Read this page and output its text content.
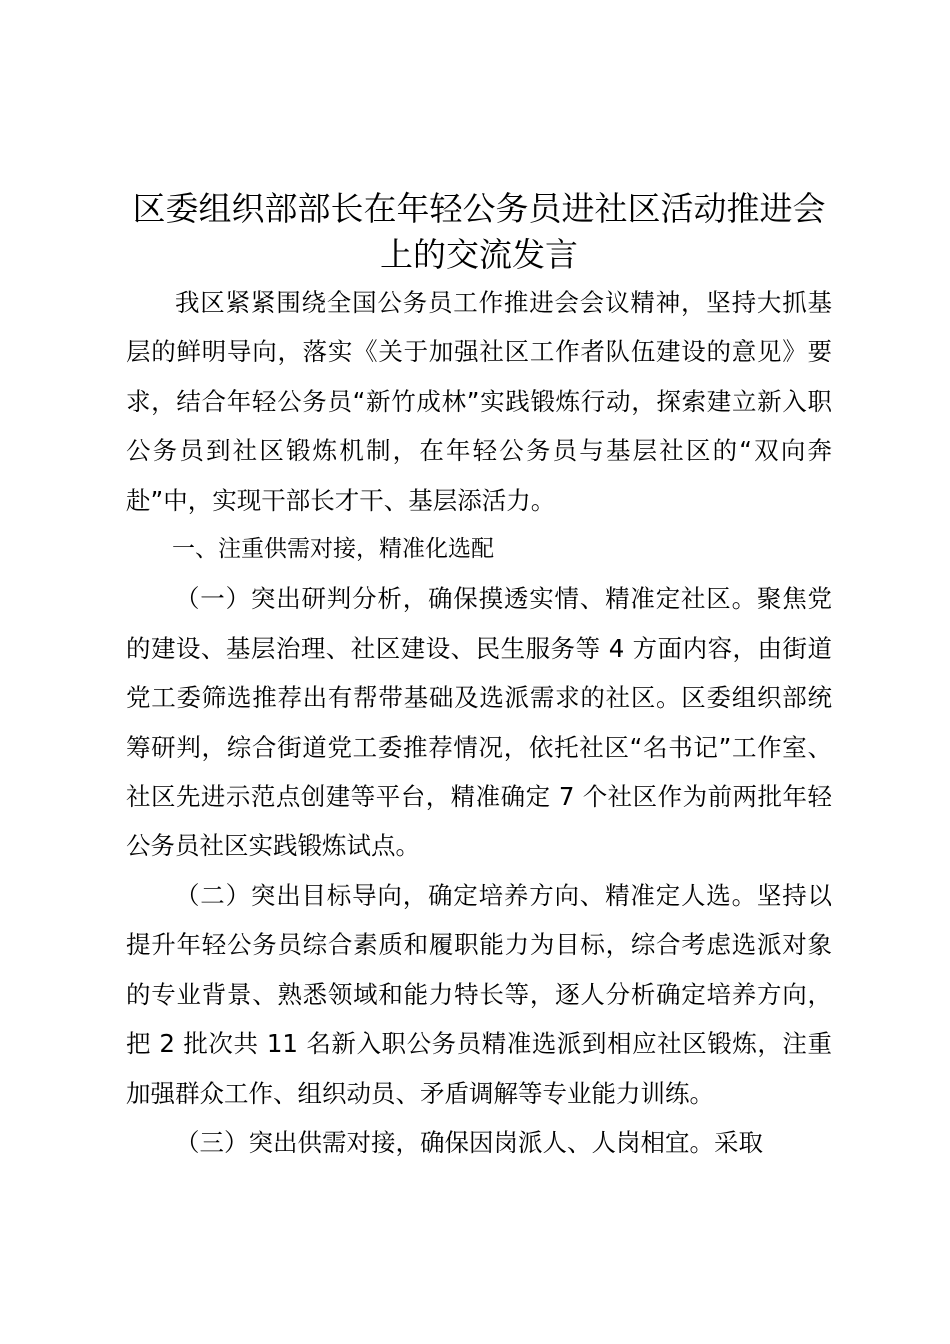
区委组织部部长在年轻公务员进社区活动推进会上的交流发言

我区紧紧围绕全国公务员工作推进会会议精神，坚持大抓基层的鲜明导向，落实《关于加强社区工作者队伍建设的意见》要求，结合年轻公务员“新竹成林”实践锻炼行动，探索建立新入职公务员到社区锻炼机制，在年轻公务员与基层社区的“双向奔赴”中，实现干部长才干、基层添活力。

一、注重供需对接，精准化选配

（一）突出研判分析，确保摸透实情、精准定社区。聚焦党的建设、基层治理、社区建设、民生服务等 4 方面内容，由街道党工委筛选推荐出有帮带基础及选派需求的社区。区委组织部统筹研判，综合街道党工委推荐情况，依托社区“名书记”工作室、社区先进示范点创建等平台，精准确定 7 个社区作为前两批年轻公务员社区实践锻炼试点。

（二）突出目标导向，确定培养方向、精准定人选。坚持以提升年轻公务员综合素质和履职能力为目标，综合考虑选派对象的专业背景、熟悉领域和能力特长等，逐人分析确定培养方向，把 2 批次共 11 名新入职公务员精准选派到相应社区锻炼，注重加强群众工作、组织动员、矛盾调解等专业能力训练。

（三）突出供需对接，确保因岗派人、人岗相宜。采取
